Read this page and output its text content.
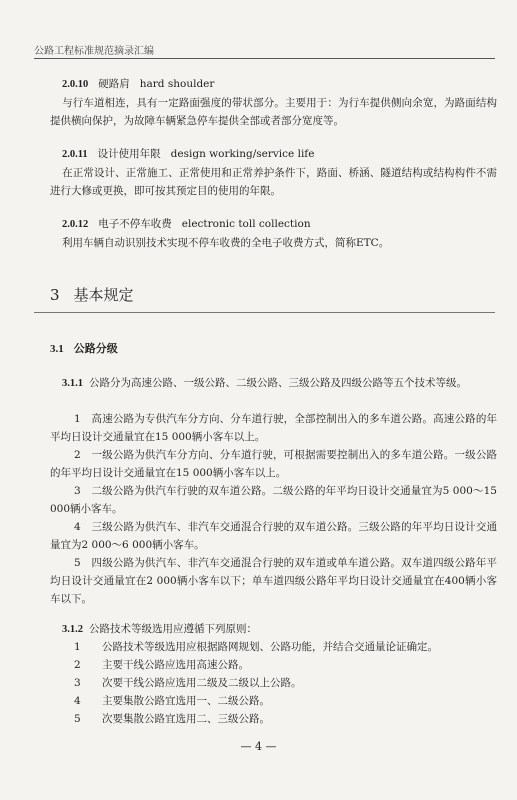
公路工程标准规范摘录汇编
2.0.10 硬路肩 hard shoulder

与行车道相连，具有一定路面强度的带状部分。主要用于：为行车提供侧向余宽，为路面结构提供横向保护，为故障车辆紧急停车提供全部或者部分宽度等。

2.0.11 设计使用年限 design working/service life

在正常设计、正常施工、正常使用和正常养护条件下，路面、桥涵、隧道结构或结构构件不需进行大修或更换，即可按其预定目的使用的年限。

2.0.12 电子不停车收费 electronic toll collection

利用车辆自动识别技术实现不停车收费的全电子收费方式，简称ETC。

3 基本规定
3.1 公路分级

3.1.1 公路分为高速公路、一级公路、二级公路、三级公路及四级公路等五个技术等级。

1　高速公路为专供汽车分方向、分车道行驶，全部控制出入的多车道公路。高速公路的年平均日设计交通量宜在15 000辆小客车以上。

2　一级公路为供汽车分方向、分车道行驶，可根据需要控制出入的多车道公路。一级公路的年平均日设计交通量宜在15 000辆小客车以上。

3　二级公路为供汽车行驶的双车道公路。二级公路的年平均日设计交通量宜为5 000～15 000辆小客车。

4　三级公路为供汽车、非汽车交通混合行驶的双车道公路。三级公路的年平均日设计交通量宜为2 000～6 000辆小客车。

5　四级公路为供汽车、非汽车交通混合行驶的双车道或单车道公路。双车道四级公路年平均日设计交通量宜在2 000辆小客车以下；单车道四级公路年平均日设计交通量宜在400辆小客车以下。

3.1.2 公路技术等级选用应遵循下列原则：

1 公路技术等级选用应根据路网规划、公路功能，并结合交通量论证确定。
2 主要干线公路应选用高速公路。
3 次要干线公路应选用二级及二级以上公路。
4 主要集散公路宜选用一、二级公路。
5 次要集散公路宜选用二、三级公路。
— 4 —
